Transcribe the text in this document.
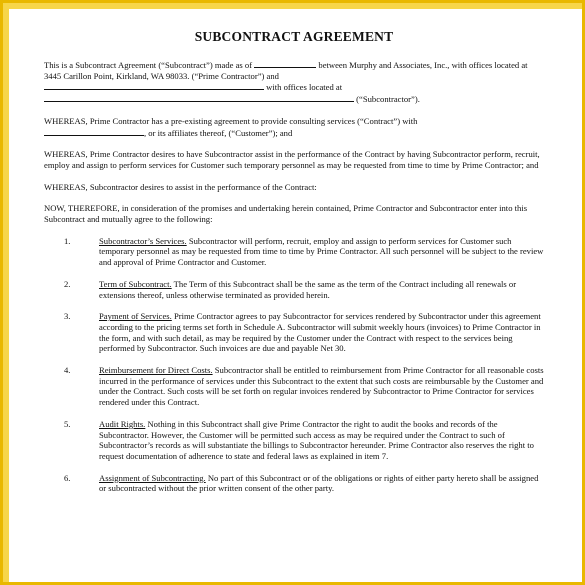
SUBCONTRACT AGREEMENT

This is a Subcontract Agreement (“Subcontract”) made as of	between Murphy and Associates, Inc., with offices located at 3445 Carillon Point, Kirkland, WA 98033. (“Prime Contractor”) and
with offices located at
(“Subcontractor”).

WHEREAS, Prime Contractor has a pre-existing agreement to provide consulting services (“Contract”) with
, or its affiliates thereof, (“Customer”); and

WHEREAS, Prime Contractor desires to have Subcontractor assist in the performance of the Contract by having Subcontractor perform, recruit, employ and assign to perform services for Customer such temporary personnel as may be requested from time to time by Prime Contractor; and

WHEREAS, Subcontractor desires to assist in the performance of the Contract:

NOW, THEREFORE, in consideration of the promises and undertaking herein contained, Prime Contractor and Subcontractor enter into this Subcontract and mutually agree to the following:

1.	Subcontractor’s Services. Subcontractor will perform, recruit, employ and assign to perform services for Customer such temporary personnel as may be requested from time to time by Prime Contractor. All such personnel will be subject to the review and approval of Prime Contractor and Customer.
2.	Term of Subcontract. The Term of this Subcontract shall be the same as the term of the Contract including all renewals or extensions thereof, unless otherwise terminated as provided herein.
3.	Payment of Services. Prime Contractor agrees to pay Subcontractor for services rendered by Subcontractor under this agreement according to the pricing terms set forth in Schedule A. Subcontractor will submit weekly hours (invoices) to Prime Contractor in the form, and with such detail, as may be required by the Customer under the Contract with respect to the services being performed by Subcontractor. Such invoices are due and payable Net 30.
4.	Reimbursement for Direct Costs. Subcontractor shall be entitled to reimbursement from Prime Contractor for all reasonable costs incurred in the performance of services under this Subcontract to the extent that such costs are reimbursable by the Customer and under the Contract. Such costs will be set forth on regular invoices rendered by Subcontractor to Prime Contractor for services rendered under this Contract.
5.	Audit Rights. Nothing in this Subcontract shall give Prime Contractor the right to audit the books and records of the Subcontractor. However, the Customer will be permitted such access as may be required under the Contract to such of Subcontractor’s records as will substantiate the billings to Subcontractor hereunder. Prime Contractor also reserves the right to request documentation of adherence to state and federal laws as explained in item 7.
6.	Assignment of Subcontracting. No part of this Subcontract or of the obligations or rights of either party hereto shall be assigned or subcontracted without the prior written consent of the other party.
